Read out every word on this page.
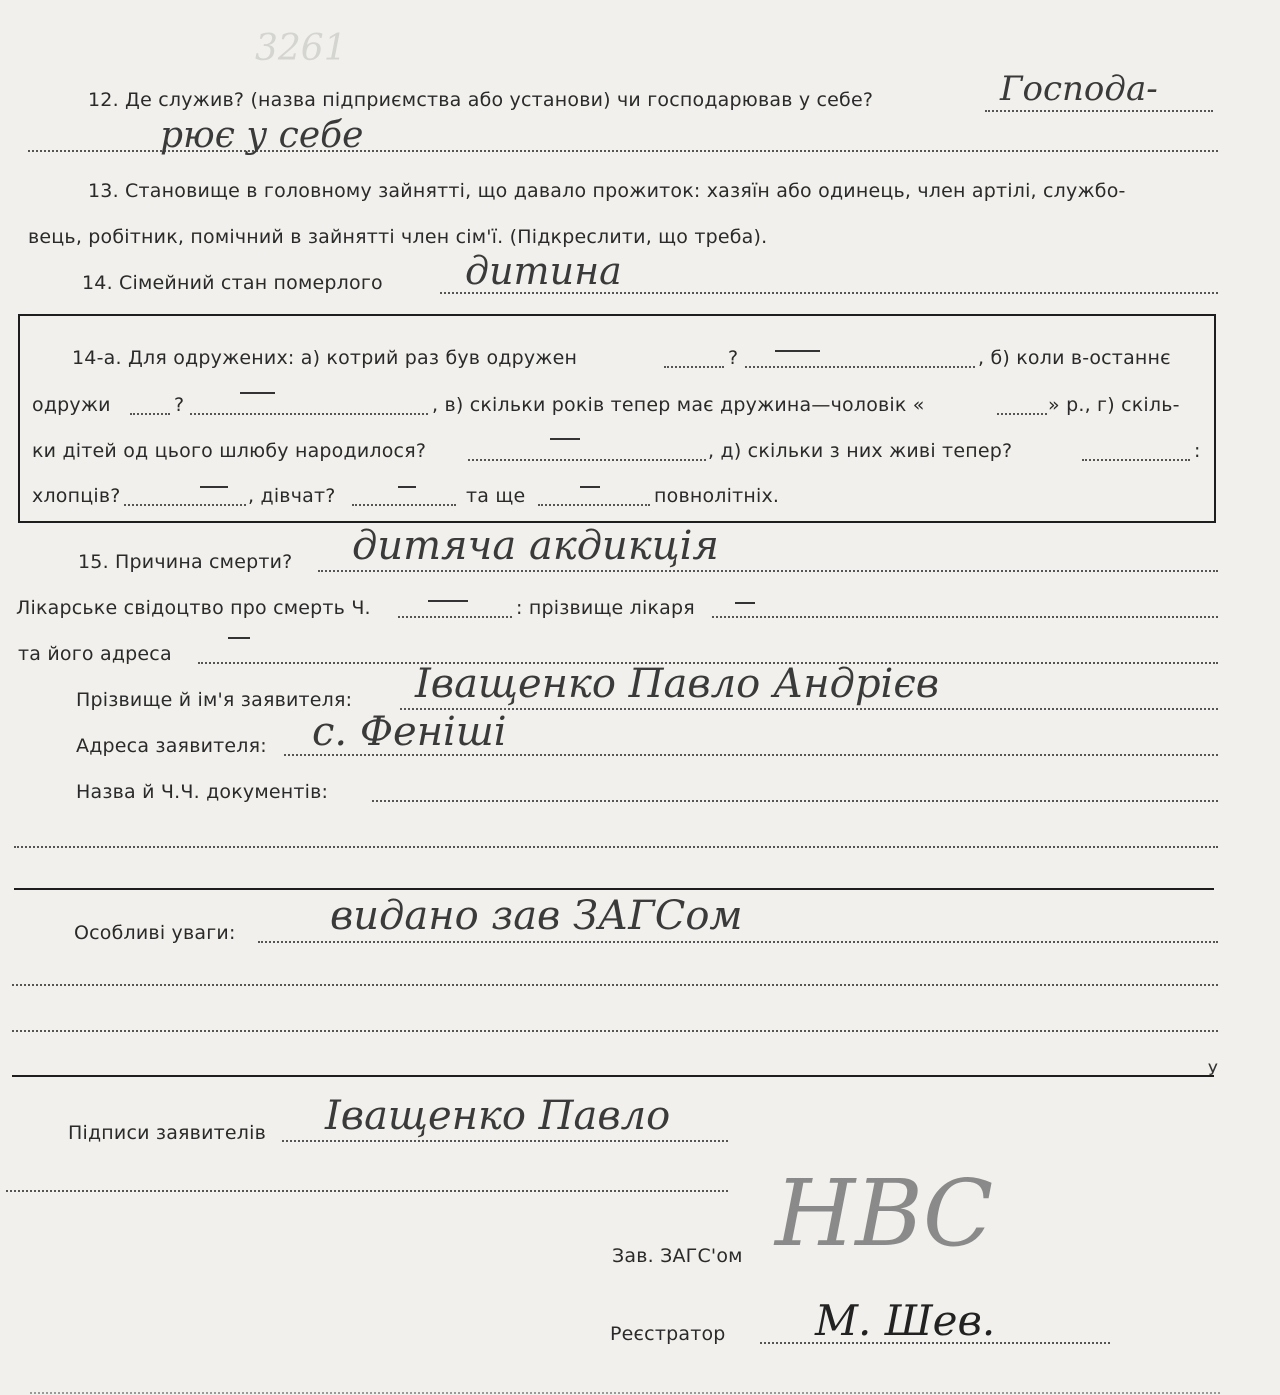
3261
12. Де служив? (назва підприємства або установи) чи господарював у себе?	Господа-
рює у себе
13. Становище в головному зайнятті, що давало прожиток: хазяїн або одинець, член артілі, службо-
вець, робітник, помічний в зайнятті член сім'ї. (Підкреслити, що треба).
14. Сімейний стан померлого дитина
14-а. Для одружених: а) котрий раз був одружен	?	, б) коли в-останнє
одружи	?	, в) скільки років тепер має дружина—чоловік «	» р., г) скіль-
ки дітей од цього шлюбу народилося?	, д) скільки з них живі тепер?	:
хлопців?	, дівчат?	та ще	повнолітніх.
15. Причина смерти? дитяча акдикція
Лікарське свідоцтво про смерть Ч.	: прізвище лікаря
та його адреса
Прізвище й ім'я заявителя: Іващенко Павло Андрієв
Адреса заявителя: с. Феніші
Назва й Ч.Ч. документів:
Особливі уваги: видано зав ЗАГСом
У
Підписи заявителів Іващенко Павло
Зав. ЗАГС'ом НВС
Реєстратор М. Шев.
